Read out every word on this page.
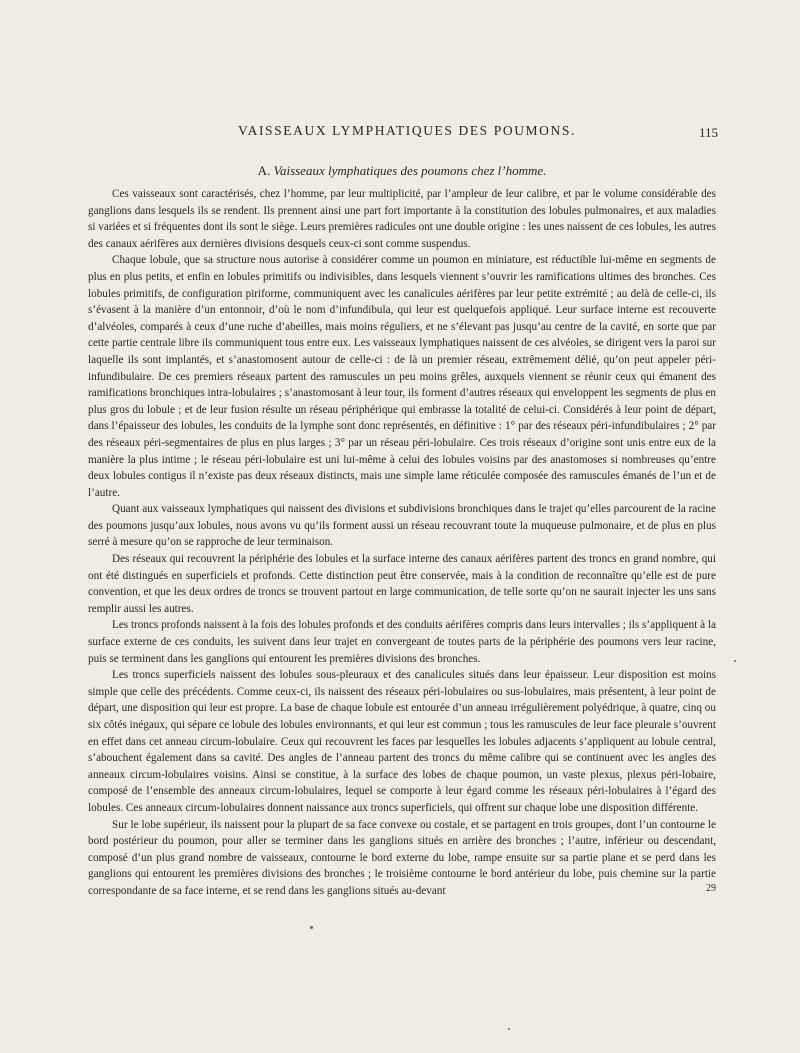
VAISSEAUX LYMPHATIQUES DES POUMONS.	115
A. Vaisseaux lymphatiques des poumons chez l’homme.

Ces vaisseaux sont caractérisés, chez l’homme, par leur multiplicité, par l’ampleur de leur calibre, et par le volume considérable des ganglions dans lesquels ils se rendent. Ils prennent ainsi une part fort importante à la constitution des lobules pulmonaires, et aux maladies si variées et si fréquentes dont ils sont le siège. Leurs premières radicules ont une double origine : les unes naissent de ces lobules, les autres des canaux aérifères aux dernières divisions desquels ceux-ci sont comme suspendus.

Chaque lobule, que sa structure nous autorise à considérer comme un poumon en miniature, est réductible lui-même en segments de plus en plus petits, et enfin en lobules primitifs ou indivisibles, dans lesquels viennent s’ouvrir les ramifications ultimes des bronches. Ces lobules primitifs, de configuration piriforme, communiquent avec les canalicules aérifères par leur petite extrémité ; au delà de celle-ci, ils s’évasent à la manière d’un entonnoir, d’où le nom d’infundibula, qui leur est quelquefois appliqué. Leur surface interne est recouverte d’alvéoles, comparés à ceux d’une ruche d’abeilles, mais moins réguliers, et ne s’élevant pas jusqu’au centre de la cavité, en sorte que par cette partie centrale libre ils communiquent tous entre eux. Les vaisseaux lymphatiques naissent de ces alvéoles, se dirigent vers la paroi sur laquelle ils sont implantés, et s’anastomosent autour de celle-ci : de là un premier réseau, extrêmement délié, qu’on peut appeler péri-infundibulaire. De ces premiers réseaux partent des ramuscules un peu moins grêles, auxquels viennent se réunir ceux qui émanent des ramifications bronchiques intra-lobulaires ; s’anastomosant à leur tour, ils forment d’autres réseaux qui enveloppent les segments de plus en plus gros du lobule ; et de leur fusion résulte un réseau périphérique qui embrasse la totalité de celui-ci. Considérés à leur point de départ, dans l’épaisseur des lobules, les conduits de la lymphe sont donc représentés, en définitive : 1° par des réseaux péri-infundibulaires ; 2° par des réseaux péri-segmentaires de plus en plus larges ; 3° par un réseau péri-lobulaire. Ces trois réseaux d’origine sont unis entre eux de la manière la plus intime ; le réseau péri-lobulaire est uni lui-même à celui des lobules voisins par des anastomoses si nombreuses qu’entre deux lobules contigus il n’existe pas deux réseaux distincts, mais une simple lame réticulée composée des ramuscules émanés de l’un et de l’autre.

Quant aux vaisseaux lymphatiques qui naissent des divisions et subdivisions bronchiques dans le trajet qu’elles parcourent de la racine des poumons jusqu’aux lobules, nous avons vu qu’ils forment aussi un réseau recouvrant toute la muqueuse pulmonaire, et de plus en plus serré à mesure qu’on se rapproche de leur terminaison.

Des réseaux qui recouvrent la périphérie des lobules et la surface interne des canaux aérifères partent des troncs en grand nombre, qui ont été distingués en superficiels et profonds. Cette distinction peut être conservée, mais à la condition de reconnaître qu’elle est de pure convention, et que les deux ordres de troncs se trouvent partout en large communication, de telle sorte qu’on ne saurait injecter les uns sans remplir aussi les autres.

Les troncs profonds naissent à la fois des lobules profonds et des conduits aérifères compris dans leurs intervalles ; ils s’appliquent à la surface externe de ces conduits, les suivent dans leur trajet en convergeant de toutes parts de la périphérie des poumons vers leur racine, puis se terminent dans les ganglions qui entourent les premières divisions des bronches.

Les troncs superficiels naissent des lobules sous-pleuraux et des canalicules situés dans leur épaisseur. Leur disposition est moins simple que celle des précédents. Comme ceux-ci, ils naissent des réseaux péri-lobulaires ou sus-lobulaires, mais présentent, à leur point de départ, une disposition qui leur est propre. La base de chaque lobule est entourée d’un anneau irrégulièrement polyédrique, à quatre, cinq ou six côtés inégaux, qui sépare ce lobule des lobules environnants, et qui leur est commun ; tous les ramuscules de leur face pleurale s’ouvrent en effet dans cet anneau circum-lobulaire. Ceux qui recouvrent les faces par lesquelles les lobules adjacents s’appliquent au lobule central, s’abouchent également dans sa cavité. Des angles de l’anneau partent des troncs du même calibre qui se continuent avec les angles des anneaux circum-lobulaires voisins. Ainsi se constitue, à la surface des lobes de chaque poumon, un vaste plexus, plexus péri-lobaire, composé de l’ensemble des anneaux circum-lobulaires, lequel se comporte à leur égard comme les réseaux péri-lobulaires à l’égard des lobules. Ces anneaux circum-lobulaires donnent naissance aux troncs superficiels, qui offrent sur chaque lobe une disposition différente.

Sur le lobe supérieur, ils naissent pour la plupart de sa face convexe ou costale, et se partagent en trois groupes, dont l’un contourne le bord postérieur du poumon, pour aller se terminer dans les ganglions situés en arrière des bronches ; l’autre, inférieur ou descendant, composé d’un plus grand nombre de vaisseaux, contourne le bord externe du lobe, rampe ensuite sur sa partie plane et se perd dans les ganglions qui entourent les premières divisions des bronches ; le troisième contourne le bord antérieur du lobe, puis chemine sur la partie correspondante de sa face interne, et se rend dans les ganglions situés au-devant	29
